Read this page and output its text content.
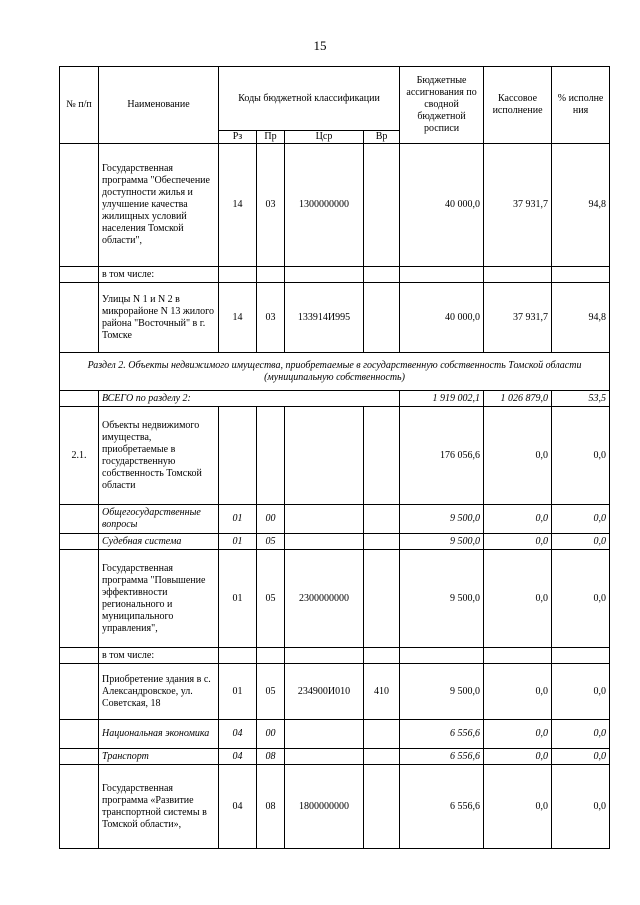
15
№ п/п	Наименование	Коды бюджетной классификации				Бюджетные ассигнования по сводной бюджетной росписи	Кассовое исполнение	% исполне ния
		Рз	Пр	Цср	Вр			
	Государственная программа "Обеспечение доступности жилья и улучшение качества жилищных условий населения Томской области",	14	03	1300000000		40 000,0	37 931,7	94,8
	в том числе:							
	Улицы N 1 и N 2 в микрорайоне N 13 жилого района "Восточный" в г. Томске	14	03	133914И995		40 000,0	37 931,7	94,8
Раздел 2. Объекты недвижимого имущества, приобретаемые в государственную собственность Томской области (муниципальную собственность)								
	ВСЕГО по разделу 2:					1 919 002,1	1 026 879,0	53,5
2.1.	Объекты недвижимого имущества, приобретаемые в государственную собственность Томской области					176 056,6	0,0	0,0
	Общегосударственные вопросы	01	00			9 500,0	0,0	0,0
	Судебная система	01	05			9 500,0	0,0	0,0
	Государственная программа "Повышение эффективности регионального и муниципального управления",	01	05	2300000000		9 500,0	0,0	0,0
	в том числе:							
	Приобретение здания в с. Александровское, ул. Советская, 18	01	05	234900И010	410	9 500,0	0,0	0,0
	Национальная экономика	04	00			6 556,6	0,0	0,0
	Транспорт	04	08			6 556,6	0,0	0,0
	Государственная программа «Развитие транспортной системы в Томской области»,	04	08	1800000000		6 556,6	0,0	0,0
